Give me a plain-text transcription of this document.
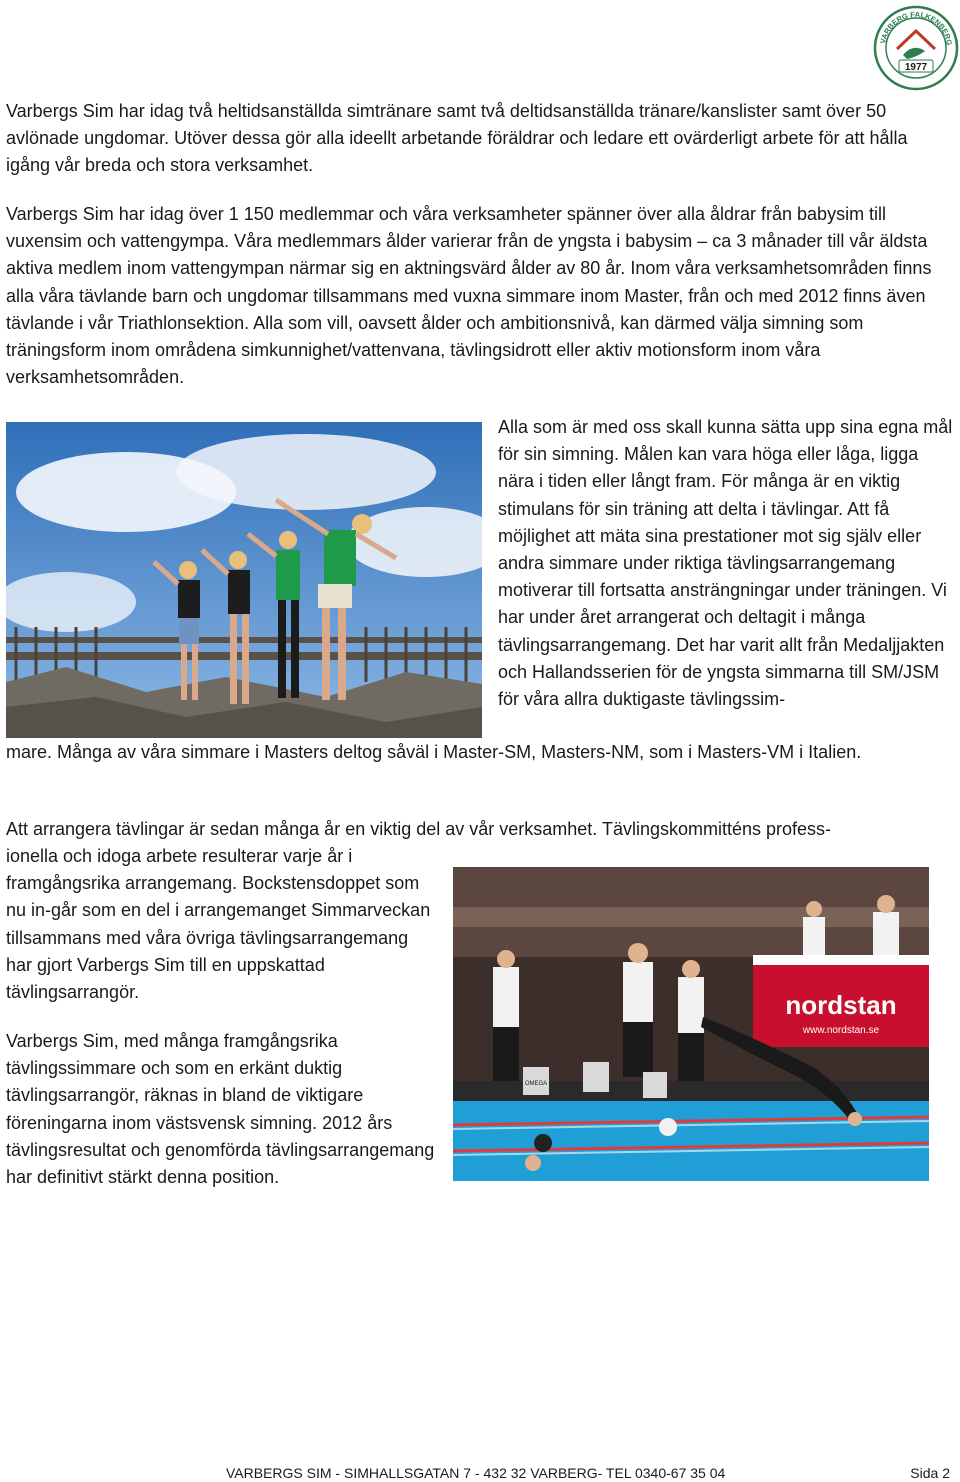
VARBERG FALKENBERG
1977

Varbergs Sim har idag två heltidsanställda simtränare samt två deltidsanställda tränare/kanslister samt över 50 avlönade ungdomar. Utöver dessa gör alla ideellt arbetande föräldrar och ledare ett ovärderligt arbete för att hålla igång vår breda och stora verksamhet.

Varbergs Sim har idag över 1 150 medlemmar och våra verksamheter spänner över alla åldrar från babysim till vuxensim och vattengympa. Våra medlemmars ålder varierar från de yngsta i babysim – ca 3 månader till vår äldsta aktiva medlem inom vattengympan närmar sig en aktningsvärd ålder av 80 år. Inom våra verksamhetsområden finns alla våra tävlande barn och ungdomar tillsammans med vuxna simmare inom Master, från och med 2012 finns även tävlande i vår Triathlonsektion. Alla som vill, oavsett ålder och ambitionsnivå, kan därmed välja simning som träningsform inom områdena simkunnighet/vattenvana, tävlingsidrott eller aktiv motionsform inom våra verksamhetsområden.

Alla som är med oss skall kunna sätta upp sina egna mål för sin simning. Målen kan vara höga eller låga, ligga nära i tiden eller långt fram. För många är en viktig stimulans för sin träning att delta i tävlingar. Att få möjlighet att mäta sina prestationer mot sig själv eller andra simmare under riktiga tävlingsarrangemang motiverar till fortsatta ansträngningar under träningen. Vi har under året arrangerat och deltagit i många tävlingsarrangemang. Det har varit allt från Medaljjakten och Hallandsserien för de yngsta simmarna till SM/JSM för våra allra duktigaste tävlingssim-

mare. Många av våra simmare i Masters deltog såväl i Master-SM, Masters-NM, som i Masters-VM i Italien.

Att arrangera tävlingar är sedan många år en viktig del av vår verksamhet. Tävlingskommitténs profess-

ionella och idoga arbete resulterar varje år i framgångsrika arrangemang. Bockstensdoppet som nu in-går som en del i arrangemanget Simmarveckan tillsammans med våra övriga tävlingsarrangemang har gjort Varbergs Sim till en uppskattad tävlingsarrangör.

Varbergs Sim, med många framgångsrika tävlingssimmare och som en erkänt duktig tävlingsarrangör, räknas in bland de viktigare föreningarna inom västsvensk simning. 2012 års tävlingsresultat och genomförda tävlingsarrangemang har definitivt stärkt denna position.

nordstan
www.nordstan.se
OMEGA
VARBERGS SIM - SIMHALLSGATAN 7 - 432 32 VARBERG- TEL 0340-67 35 04	Sida 2
